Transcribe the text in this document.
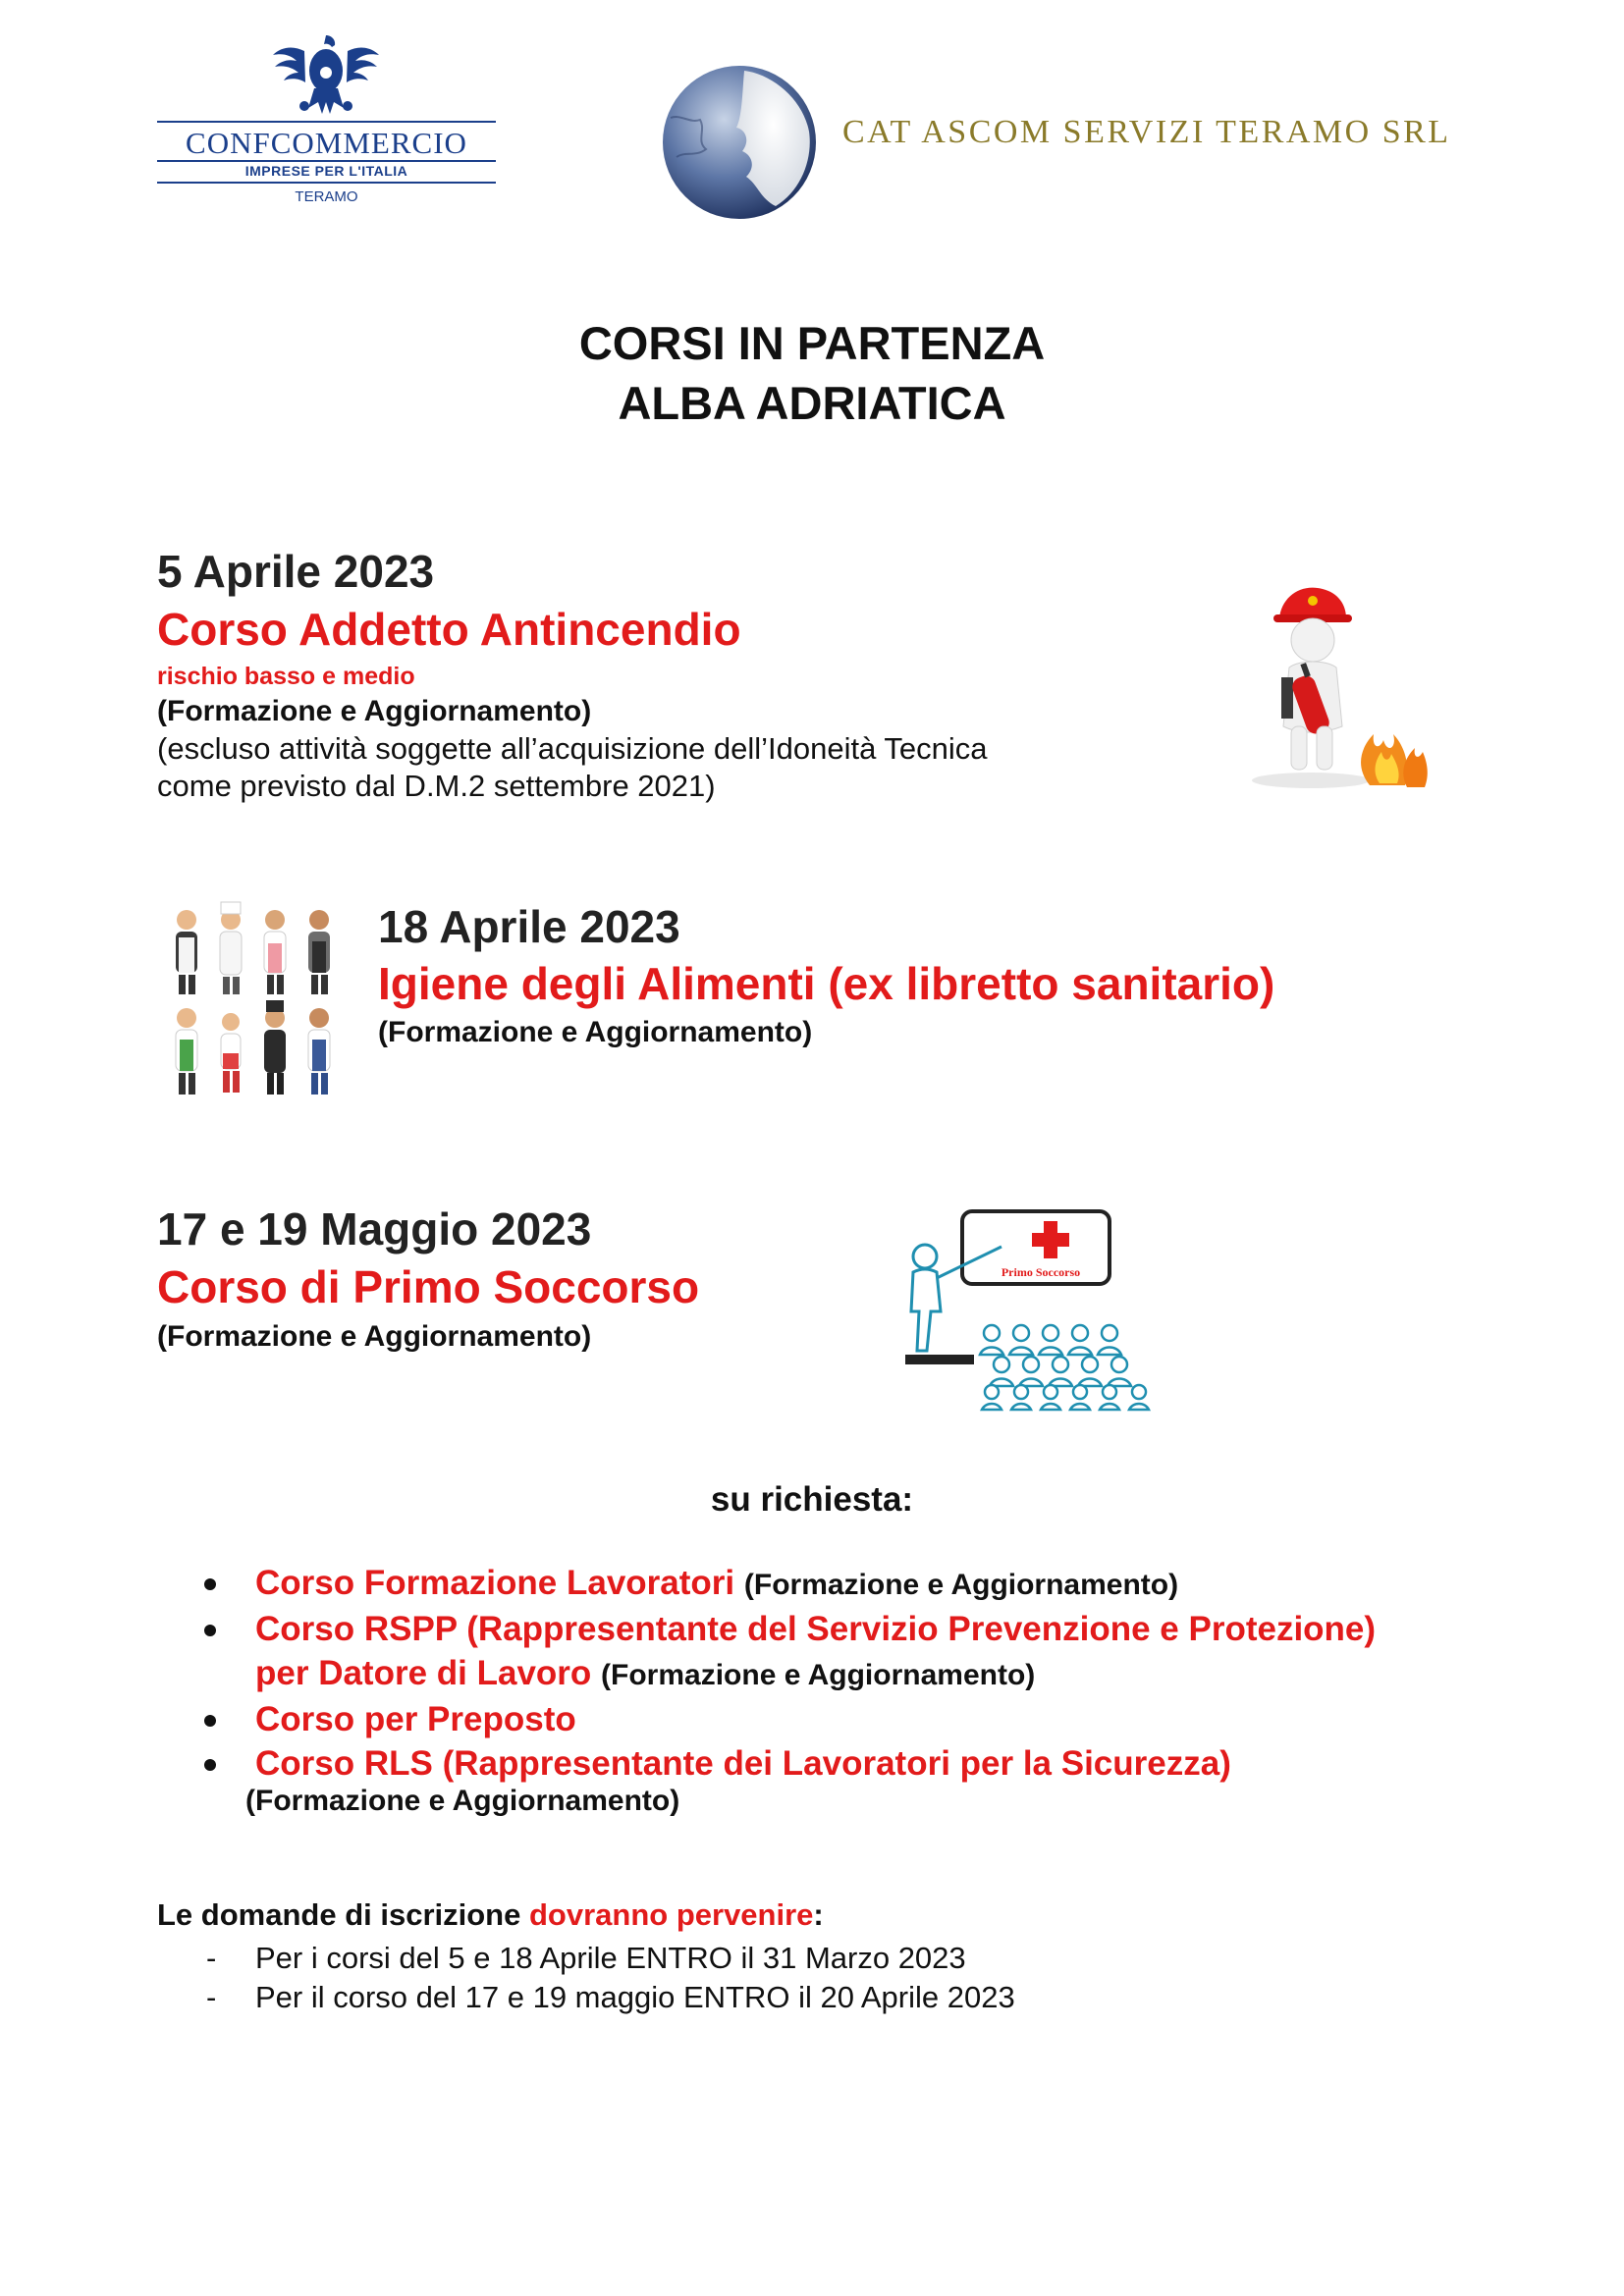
CONFCOMMERCIO
IMPRESE PER L'ITALIA
TERAMO
CAT ASCOM SERVIZI TERAMO SRL
CORSI IN PARTENZA
ALBA ADRIATICA
5 Aprile 2023
Corso Addetto Antincendio
rischio basso e medio
(Formazione e Aggiornamento)
(escluso attività soggette all’acquisizione dell’Idoneità Tecnica
come previsto dal D.M.2 settembre 2021)
18 Aprile 2023
Igiene degli Alimenti (ex libretto sanitario)
(Formazione e Aggiornamento)
17 e 19 Maggio 2023
Corso di Primo Soccorso
(Formazione e Aggiornamento)
Primo Soccorso
su richiesta:
Corso Formazione Lavoratori (Formazione e Aggiornamento)
Corso RSPP (Rappresentante del Servizio Prevenzione e Protezione)
per Datore di Lavoro (Formazione e Aggiornamento)
Corso per Preposto
Corso RLS (Rappresentante dei Lavoratori per la Sicurezza)
(Formazione e Aggiornamento)
Le domande di iscrizione dovranno pervenire:
- Per i corsi del 5 e 18 Aprile ENTRO il 31 Marzo 2023
- Per il corso del 17 e 19 maggio ENTRO il 20 Aprile 2023
